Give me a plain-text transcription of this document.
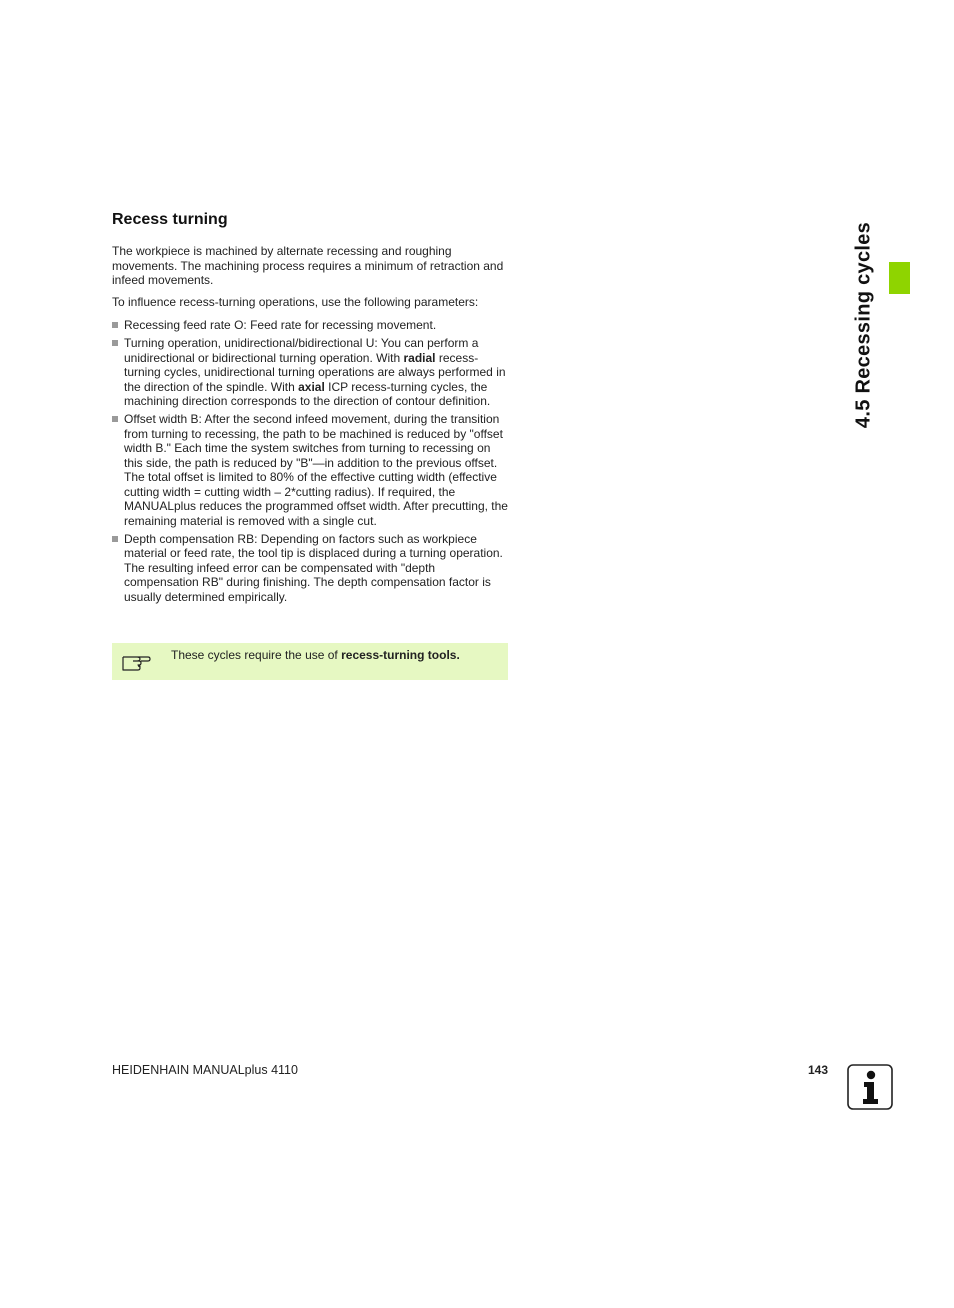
Recess turning

The workpiece is machined by alternate recessing and roughing movements. The machining process requires a minimum of retraction and infeed movements.

To influence recess-turning operations, use the following parameters:

Recessing feed rate O: Feed rate for recessing movement.
Turning operation, unidirectional/bidirectional U: You can perform a unidirectional or bidirectional turning operation. With radial recess-turning cycles, unidirectional turning operations are always performed in the direction of the spindle. With axial ICP recess-turning cycles, the machining direction corresponds to the direction of contour definition.
Offset width B: After the second infeed movement, during the transition from turning to recessing, the path to be machined is reduced by "offset width B." Each time the system switches from turning to recessing on this side, the path is reduced by "B"—in addition to the previous offset. The total offset is limited to 80% of the effective cutting width (effective cutting width = cutting width – 2*cutting radius). If required, the MANUALplus reduces the programmed offset width. After precutting, the remaining material is removed with a single cut.
Depth compensation RB: Depending on factors such as workpiece material or feed rate, the tool tip is displaced during a turning operation. The resulting infeed error can be compensated with "depth compensation RB" during finishing. The depth compensation factor is usually determined empirically.
These cycles require the use of recess-turning tools.
4.5 Recessing cycles
HEIDENHAIN MANUALplus 4110	143
